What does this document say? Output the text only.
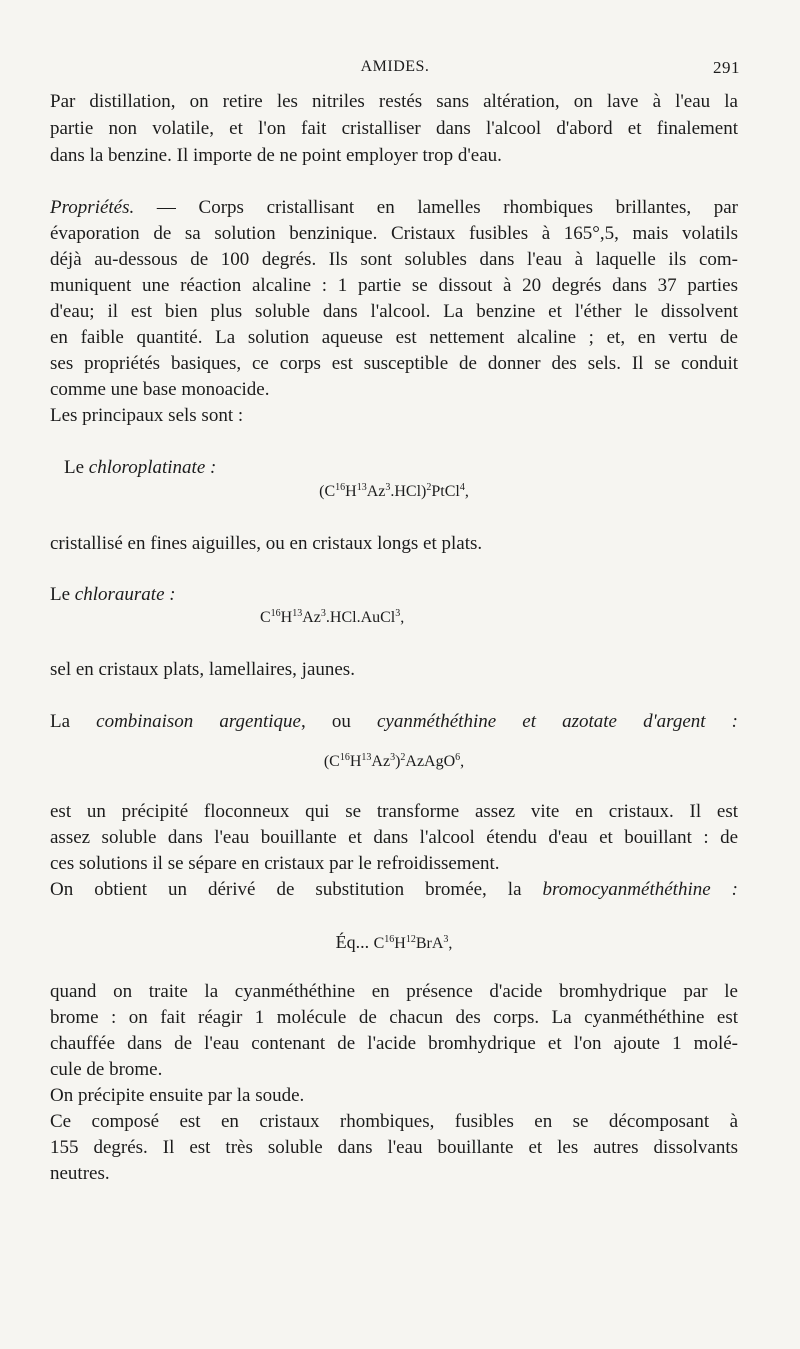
AMIDES.	291
Par distillation, on retire les nitriles restés sans altération, on lave à l'eau la
partie non volatile, et l'on fait cristalliser dans l'alcool d'abord et finalement
dans la benzine. Il importe de ne point employer trop d'eau.
évaporation de sa solution benzinique. Cristaux fusibles à 165°,5, mais volatils
déjà au-dessous de 100 degrés. Ils sont solubles dans l'eau à laquelle ils com-
muniquent une réaction alcaline : 1 partie se dissout à 20 degrés dans 37 parties
d'eau; il est bien plus soluble dans l'alcool. La benzine et l'éther le dissolvent
en faible quantité. La solution aqueuse est nettement alcaline ; et, en vertu de
ses propriétés basiques, ce corps est susceptible de donner des sels. Il se conduit
comme une base monoacide.
Les principaux sels sont :
Propriétés. — Corps cristallisant en lamelles rhombiques brillantes, par
Le chloroplatinate :
$(C^{16}H^{13}Az^3.HCl)^2PtCl^4$,
cristallisé en fines aiguilles, ou en cristaux longs et plats.
Le chloraurate :
$C^{16}H^{13}Az^3.HCl.AuCl^3$,
sel en cristaux plats, lamellaires, jaunes.
La combinaison argentique, ou cyanméthéthine et azotate d'argent :
$(C^{16}H^{13}Az^3)^2AzAgO^6$,
est un précipité floconneux qui se transforme assez vite en cristaux. Il est
assez soluble dans l'eau bouillante et dans l'alcool étendu d'eau et bouillant : de
ces solutions il se sépare en cristaux par le refroidissement.
On obtient un dérivé de substitution bromée, la bromocyanméthéthine :
Éq... $C^{16}H^{12}BrA^3$,
quand on traite la cyanméthéthine en présence d'acide bromhydrique par le
brome : on fait réagir 1 molécule de chacun des corps. La cyanméthéthine est
chauffée dans de l'eau contenant de l'acide bromhydrique et l'on ajoute 1 molé-
cule de brome.
On précipite ensuite par la soude.
Ce composé est en cristaux rhombiques, fusibles en se décomposant à
155 degrés. Il est très soluble dans l'eau bouillante et les autres dissolvants
neutres.
